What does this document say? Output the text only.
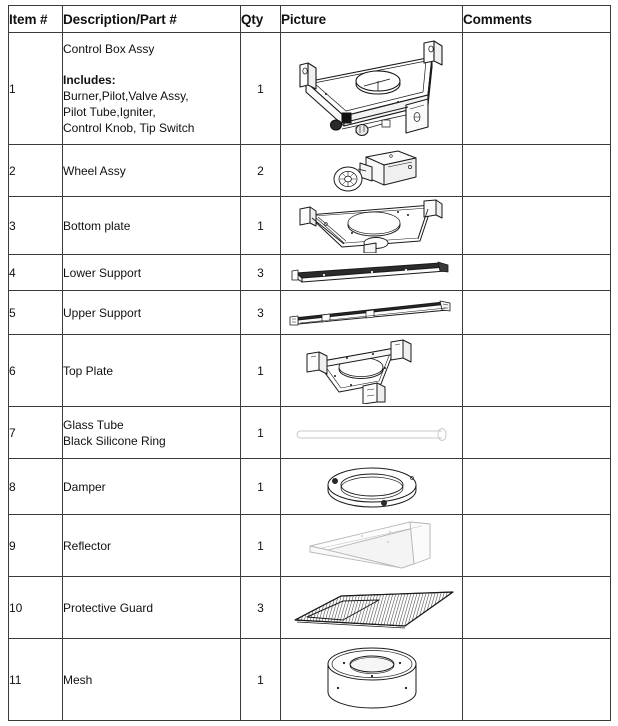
Item #	Description/Part #	Qty	Picture	Comments
1	Control Box Assy
Includes:
Burner,Pilot,Valve Assy,
Pilot Tube,Igniter,
Control Knob, Tip Switch	1	

2	Wheel Assy	2	

3	Bottom plate	1	

4	Lower Support	3	

5	Upper Support	3	

6	Top Plate	1	

7	Glass Tube
Black Silicone Ring	1	

8	Damper	1	

9	Reflector	1	

10	Protective Guard	3	

11	Mesh	1	
